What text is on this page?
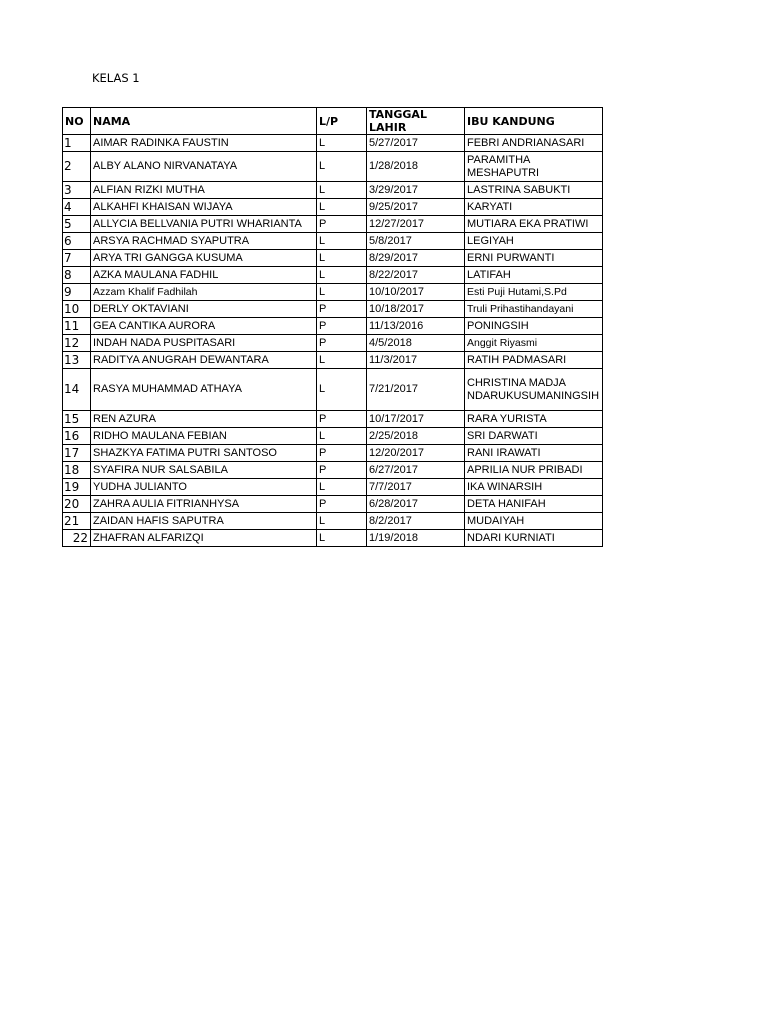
KELAS 1
NO	NAMA	L/P	TANGGAL LAHIR	IBU KANDUNG
1	AIMAR RADINKA FAUSTIN	L	5/27/2017	FEBRI ANDRIANASARI
2	ALBY ALANO NIRVANATAYA	L	1/28/2018	PARAMITHA MESHAPUTRI
3	ALFIAN RIZKI MUTHA	L	3/29/2017	LASTRINA SABUKTI
4	ALKAHFI KHAISAN WIJAYA	L	9/25/2017	KARYATI
5	ALLYCIA BELLVANIA PUTRI WHARIANTA	P	12/27/2017	MUTIARA EKA PRATIWI
6	ARSYA RACHMAD SYAPUTRA	L	5/8/2017	LEGIYAH
7	ARYA TRI GANGGA KUSUMA	L	8/29/2017	ERNI PURWANTI
8	AZKA MAULANA FADHIL	L	8/22/2017	LATIFAH
9	Azzam Khalif Fadhilah	L	10/10/2017	Esti Puji Hutami,S.Pd
10	DERLY OKTAVIANI	P	10/18/2017	Truli Prihastihandayani
11	GEA CANTIKA AURORA	P	11/13/2016	PONINGSIH
12	INDAH NADA PUSPITASARI	P	4/5/2018	Anggit Riyasmi
13	RADITYA ANUGRAH DEWANTARA	L	11/3/2017	RATIH PADMASARI
14	RASYA MUHAMMAD ATHAYA	L	7/21/2017	CHRISTINA MADJA NDARUKUSUMANINGSIH
15	REN AZURA	P	10/17/2017	RARA YURISTA
16	RIDHO MAULANA FEBIAN	L	2/25/2018	SRI DARWATI
17	SHAZKYA FATIMA PUTRI SANTOSO	P	12/20/2017	RANI IRAWATI
18	SYAFIRA NUR SALSABILA	P	6/27/2017	APRILIA NUR PRIBADI
19	YUDHA JULIANTO	L	7/7/2017	IKA WINARSIH
20	ZAHRA AULIA FITRIANHYSA	P	6/28/2017	DETA HANIFAH
21	ZAIDAN HAFIS SAPUTRA	L	8/2/2017	MUDAIYAH
22	ZHAFRAN ALFARIZQI	L	1/19/2018	NDARI KURNIATI
